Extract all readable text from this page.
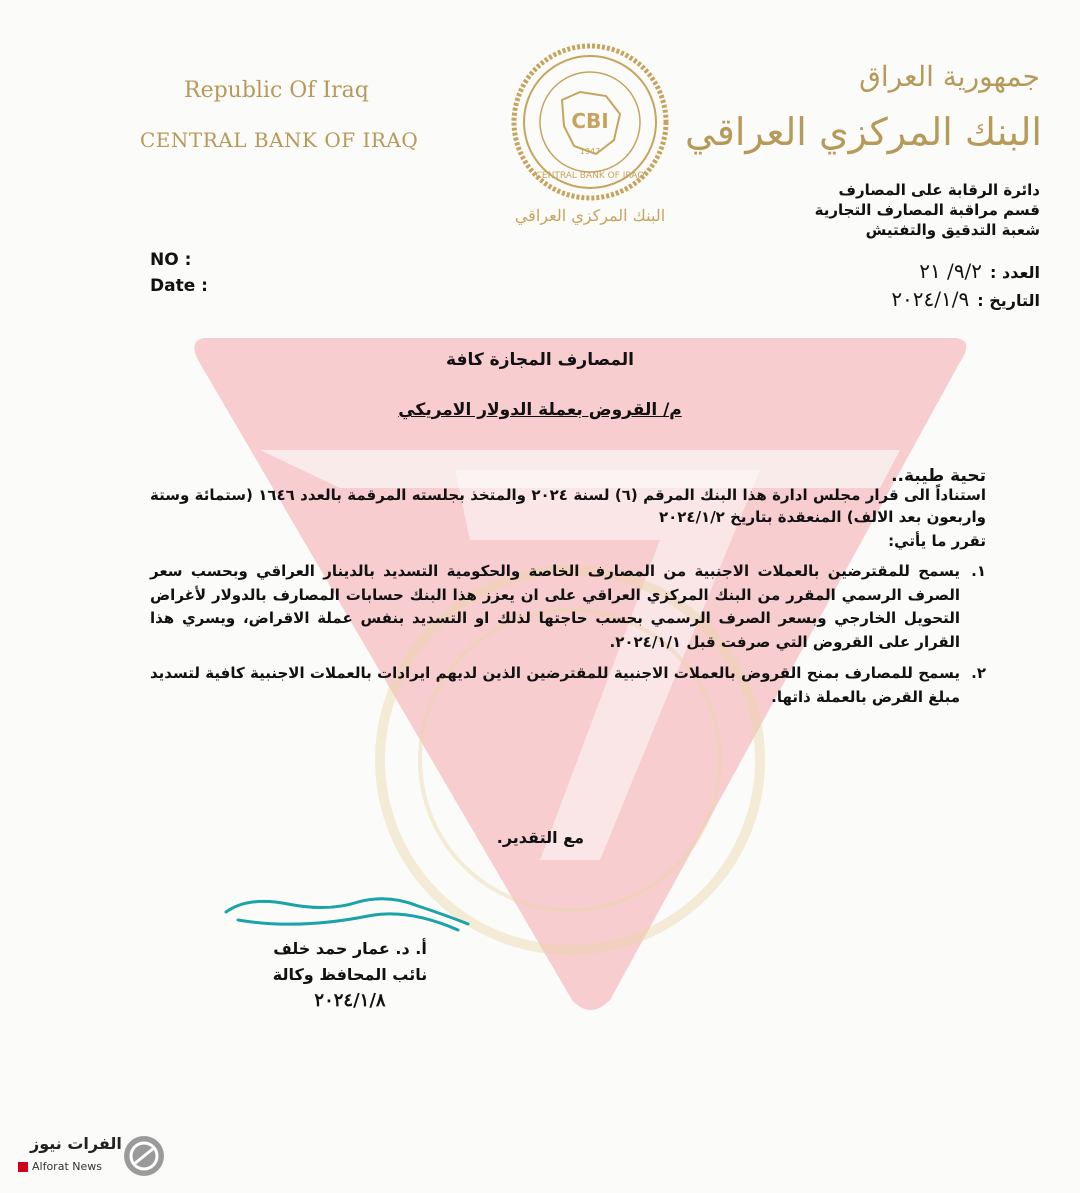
Republic Of Iraq
CENTRAL BANK OF IRAQ
CBI
1947
CENTRAL BANK OF IRAQ
البنك المركزي العراقي
جمهورية العراق
البنك المركزي العراقي
دائرة الرقابة على المصارف
قسم مراقبة المصارف التجارية
شعبة التدقيق والتفتيش
NO :
Date :
العدد :٩/٢/ ٢١
التاريخ :٢٠٢٤/١/٩
المصارف المجازة كافة
م/ القروض بعملة الدولار الامريكي
تحية طيبة..

استناداً الى قرار مجلس ادارة هذا البنك المرقم (٦) لسنة ٢٠٢٤ والمتخذ بجلسته المرقمة بالعدد ١٦٤٦ (ستمائة وستة واربعون بعد الالف) المنعقدة بتاريخ ٢٠٢٤/١/٢

تقرر ما يأتي:

١.
يسمح للمقترضين بالعملات الاجنبية من المصارف الخاصة والحكومية التسديد بالدينار العراقي وبحسب سعر الصرف الرسمي المقرر من البنك المركزي العراقي على ان يعزز هذا البنك حسابات المصارف بالدولار لأغراض التحويل الخارجي وبسعر الصرف الرسمي بحسب حاجتها لذلك او التسديد بنفس عملة الاقراض، ويسري هذا القرار على القروض التي صرفت قبل ٢٠٢٤/١/١.
٢.
يسمح للمصارف بمنح القروض بالعملات الاجنبية للمقترضين الذين لديهم ايرادات بالعملات الاجنبية كافية لتسديد مبلغ القرض بالعملة ذاتها.
مع التقدير.
أ. د. عمار حمد خلف
نائب المحافظ وكالة
٢٠٢٤/١/٨
الفرات نيوز
Alforat News
